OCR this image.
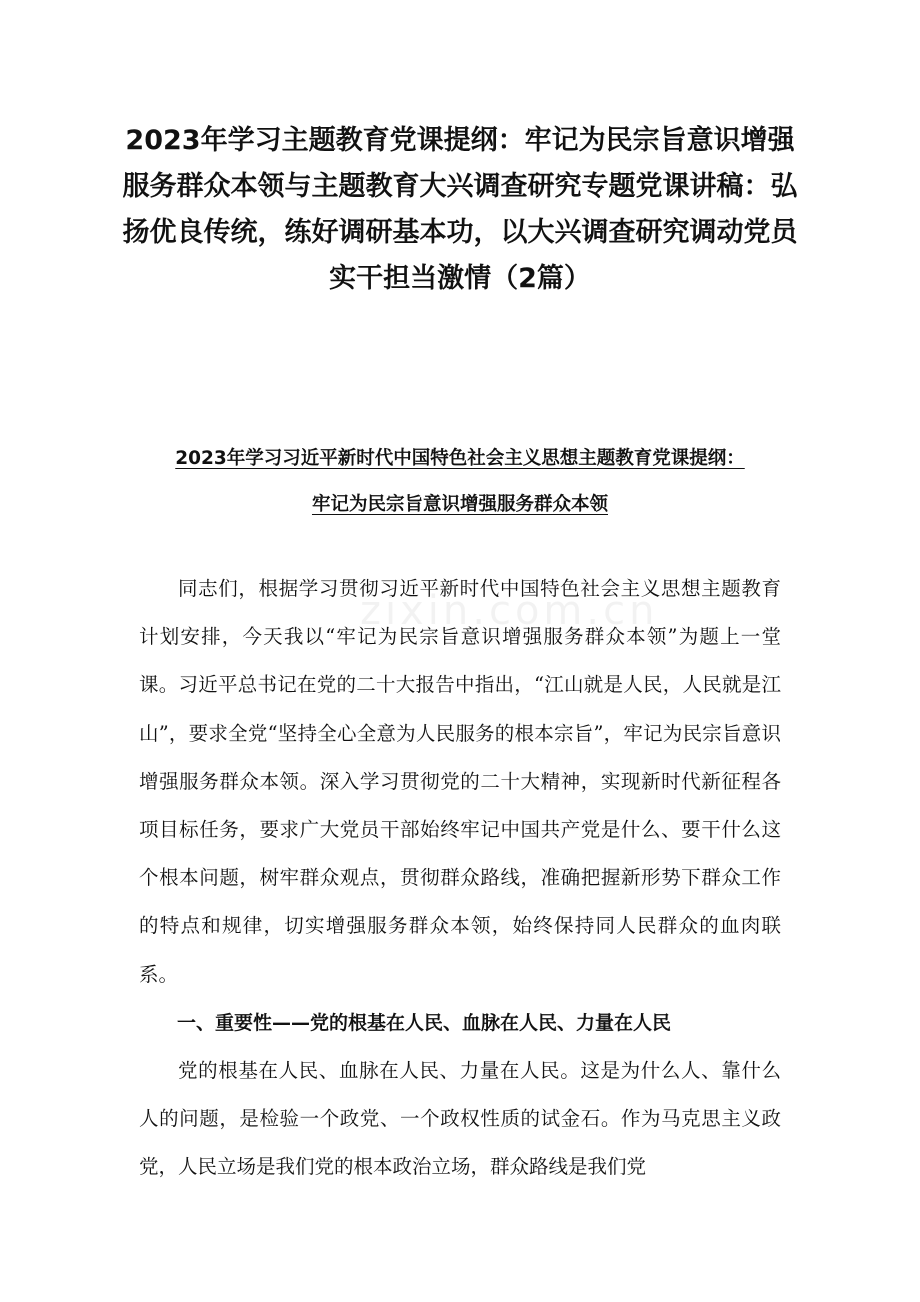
2023年学习主题教育党课提纲：牢记为民宗旨意识增强服务群众本领与主题教育大兴调查研究专题党课讲稿：弘扬优良传统，练好调研基本功，以大兴调查研究调动党员实干担当激情（2篇）
2023年学习习近平新时代中国特色社会主义思想主题教育党课提纲：
牢记为民宗旨意识增强服务群众本领

同志们，根据学习贯彻习近平新时代中国特色社会主义思想主题教育计划安排，今天我以“牢记为民宗旨意识增强服务群众本领”为题上一堂课。习近平总书记在党的二十大报告中指出，“江山就是人民，人民就是江山”，要求全党“坚持全心全意为人民服务的根本宗旨”，牢记为民宗旨意识增强服务群众本领。深入学习贯彻党的二十大精神，实现新时代新征程各项目标任务，要求广大党员干部始终牢记中国共产党是什么、要干什么这个根本问题，树牢群众观点，贯彻群众路线，准确把握新形势下群众工作的特点和规律，切实增强服务群众本领，始终保持同人民群众的血肉联系。

一、重要性——党的根基在人民、血脉在人民、力量在人民

党的根基在人民、血脉在人民、力量在人民。这是为什么人、靠什么人的问题，是检验一个政党、一个政权性质的试金石。作为马克思主义政党，人民立场是我们党的根本政治立场，群众路线是我们党

zixin.com.cn
